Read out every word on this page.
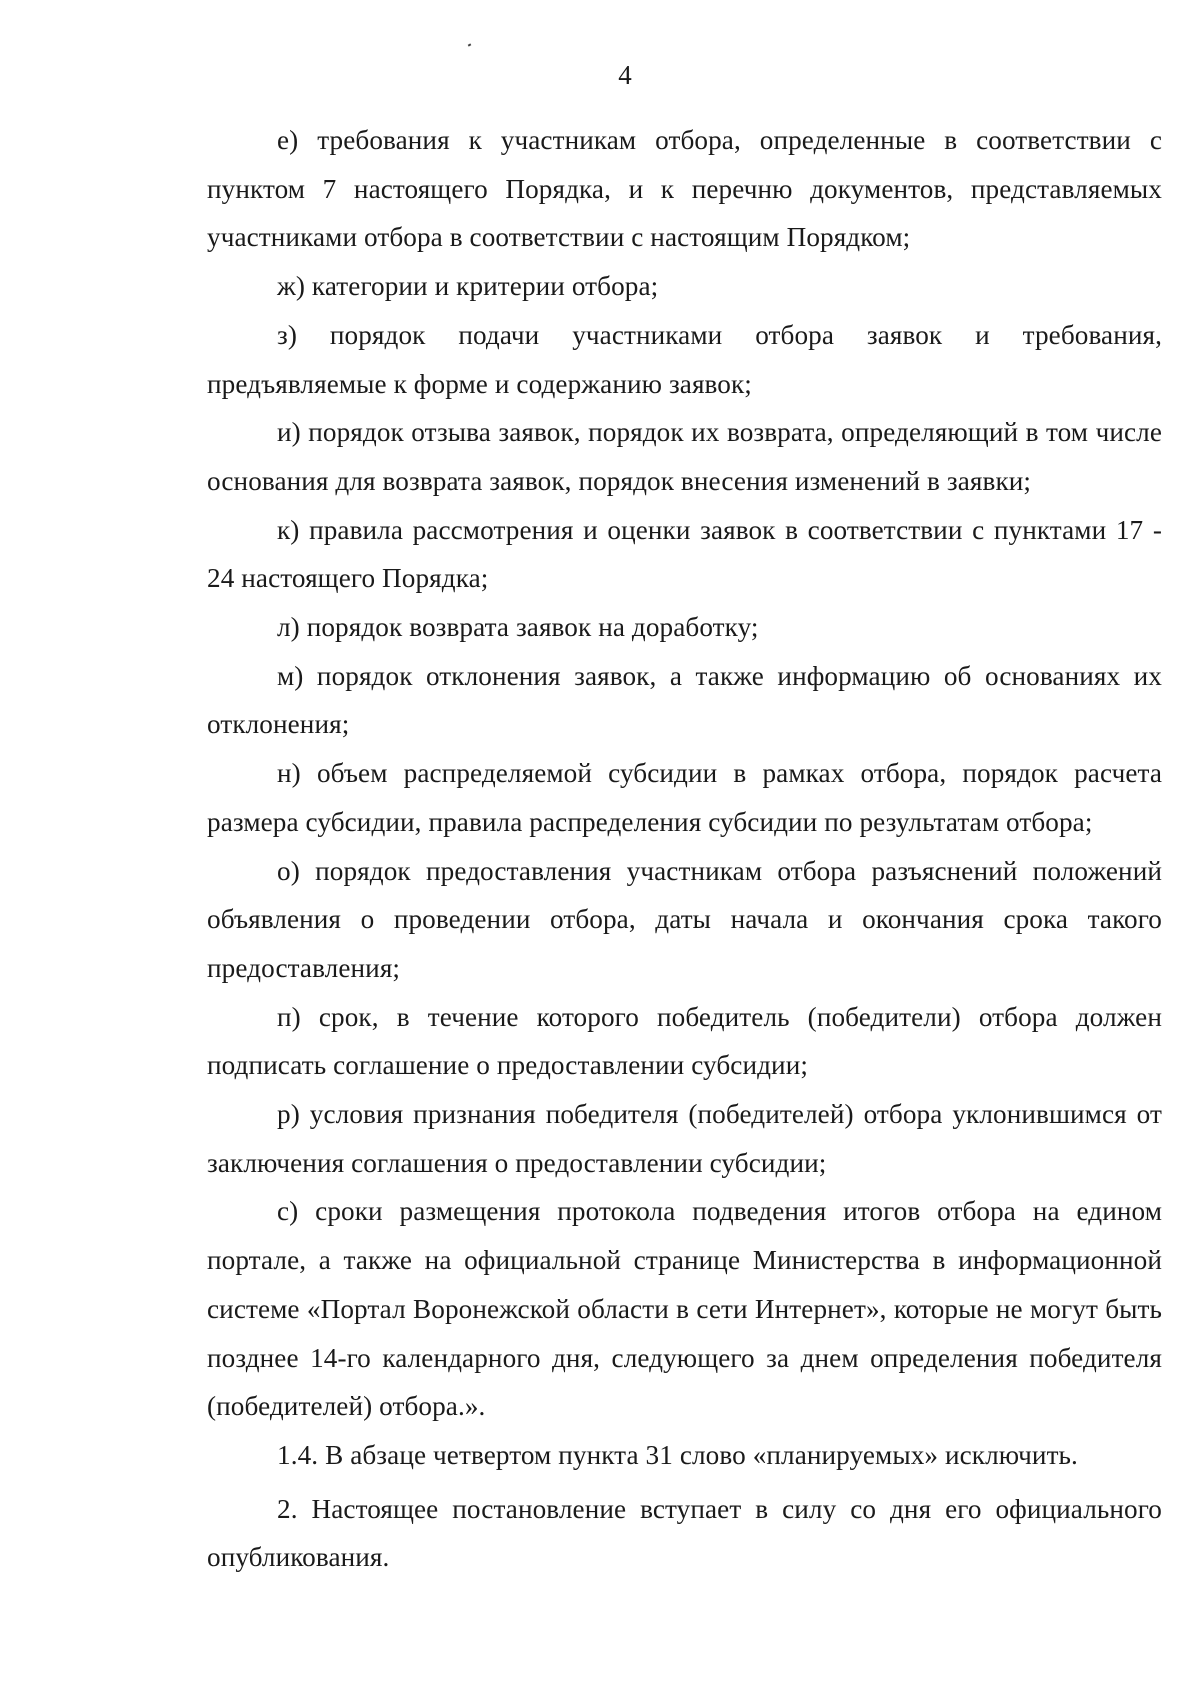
4

е) требования к участникам отбора, определенные в соответствии с пунктом 7 настоящего Порядка, и к перечню документов, представляемых участниками отбора в соответствии с настоящим Порядком;

ж) категории и критерии отбора;

з) порядок подачи участниками отбора заявок и требования, предъявляемые к форме и содержанию заявок;

и) порядок отзыва заявок, порядок их возврата, определяющий в том числе основания для возврата заявок, порядок внесения изменений в заявки;

к) правила рассмотрения и оценки заявок в соответствии с пунктами 17 - 24 настоящего Порядка;

л) порядок возврата заявок на доработку;

м) порядок отклонения заявок, а также информацию об основаниях их отклонения;

н) объем распределяемой субсидии в рамках отбора, порядок расчета размера субсидии, правила распределения субсидии по результатам отбора;

о) порядок предоставления участникам отбора разъяснений положений объявления о проведении отбора, даты начала и окончания срока такого предоставления;

п) срок, в течение которого победитель (победители) отбора должен подписать соглашение о предоставлении субсидии;

р) условия признания победителя (победителей) отбора уклонившимся от заключения соглашения о предоставлении субсидии;

с) сроки размещения протокола подведения итогов отбора на едином портале, а также на официальной странице Министерства в информационной системе «Портал Воронежской области в сети Интернет», которые не могут быть позднее 14-го календарного дня, следующего за днем определения победителя (победителей) отбора.».

1.4. В абзаце четвертом пункта 31 слово «планируемых» исключить.

2. Настоящее постановление вступает в силу со дня его официального опубликования.
